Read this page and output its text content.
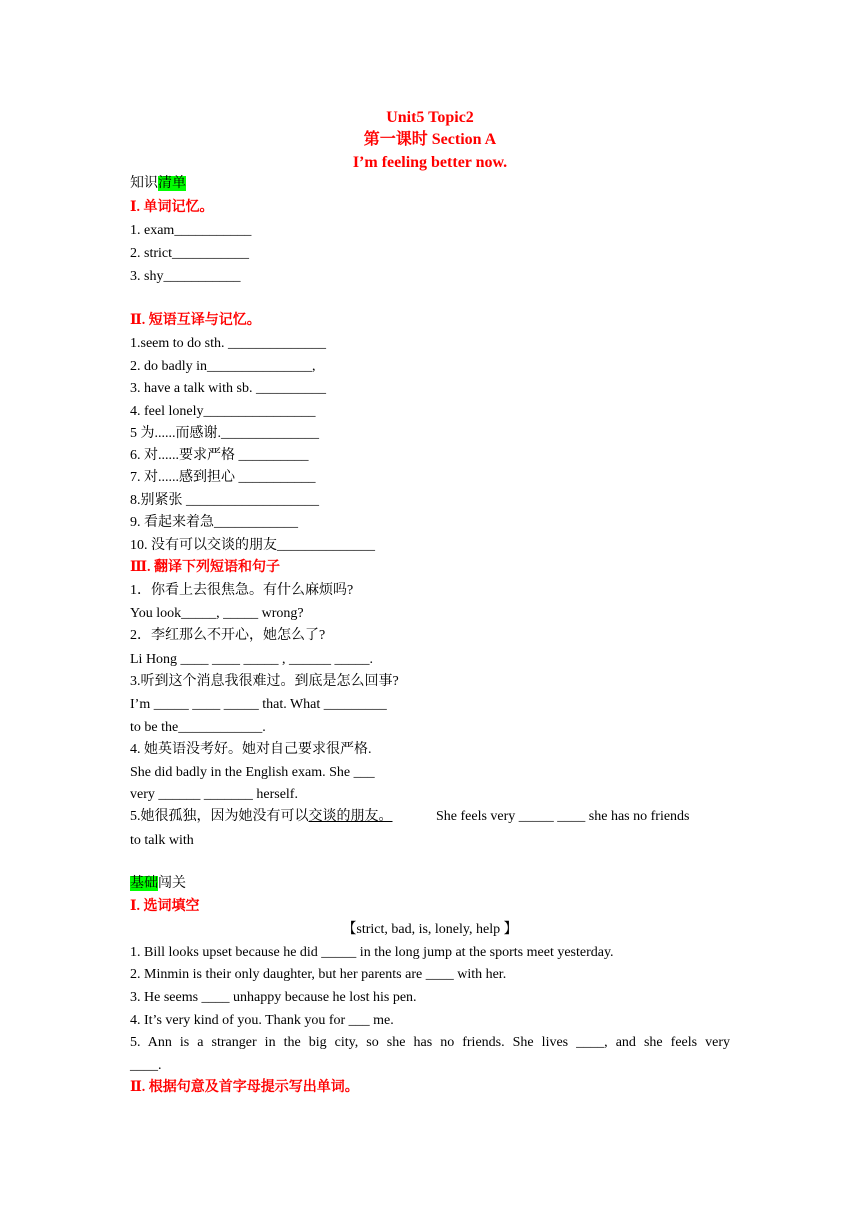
Unit5 Topic2
第一课时 Section A
I’m feeling better now.
知识清单
Ⅰ. 单词记忆。
1. exam___________
2. strict___________
3. shy___________
Ⅱ. 短语互译与记忆。
1.seem to do sth. ______________
2. do badly in_______________,
3. have a talk with sb. __________
4. feel lonely________________
5 为......而感谢.______________
6. 对......要求严格 __________
7. 对......感到担心 ___________
8.别紧张 ___________________
9. 看起来着急____________
10. 没有可以交谈的朋友______________
Ⅲ. 翻译下列短语和句子
1．你看上去很焦急。有什么麻烦吗?
You look_____, _____ wrong?
2．李红那么不开心，她怎么了?
Li Hong ____ ____ _____ , ______ _____.
3.听到这个消息我很难过。到底是怎么回事?
I’m _____ ____ _____ that. What _________
to be the____________.
4. 她英语没考好。她对自己要求很严格.
She did badly in the English exam. She ___
very ______ _______ herself.
5.她很孤独，因为她没有可以交谈的朋友。	She feels very _____ ____ she has no friends
to talk with
基础闯关
Ⅰ. 选词填空
【strict, bad, is, lonely, help 】
1. Bill looks upset because he did _____ in the long jump at the sports meet yesterday.
2. Minmin is their only daughter, but her parents are ____ with her.
3. He seems ____ unhappy because he lost his pen.
4. It’s very kind of you. Thank you for ___ me.
5. Ann is a stranger in the big city, so she has no friends. She lives ____, and she feels very
____.
Ⅱ. 根据句意及首字母提示写出单词。
